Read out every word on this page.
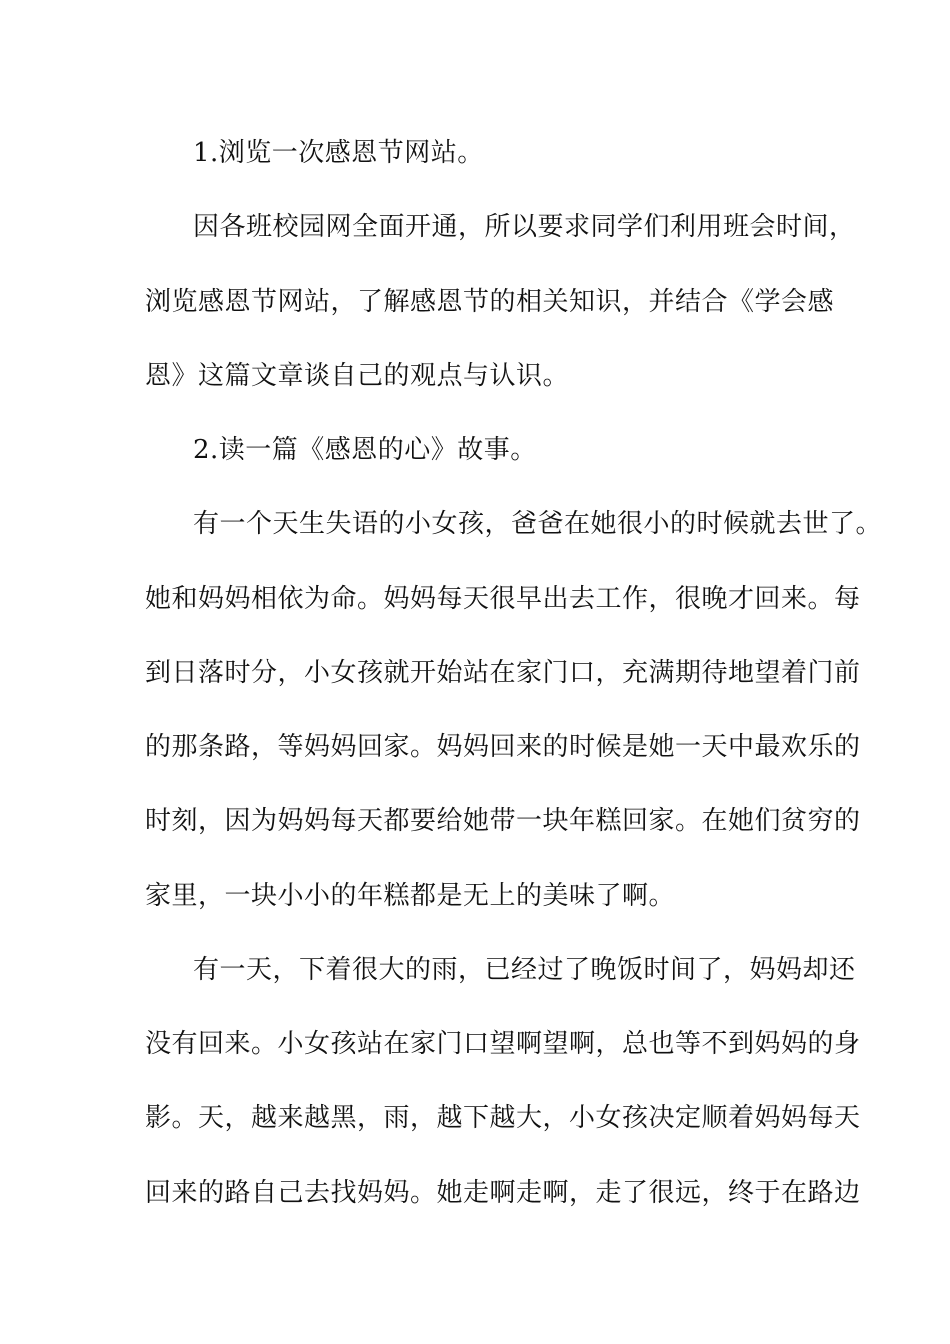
1.浏览一次感恩节网站。
因各班校园网全面开通，所以要求同学们利用班会时间，
浏览感恩节网站，了解感恩节的相关知识，并结合《学会感
恩》这篇文章谈自己的观点与认识。
2.读一篇《感恩的心》故事。
有一个天生失语的小女孩，爸爸在她很小的时候就去世了。
她和妈妈相依为命。妈妈每天很早出去工作，很晚才回来。每
到日落时分，小女孩就开始站在家门口，充满期待地望着门前
的那条路，等妈妈回家。妈妈回来的时候是她一天中最欢乐的
时刻，因为妈妈每天都要给她带一块年糕回家。在她们贫穷的
家里，一块小小的年糕都是无上的美味了啊。
有一天，下着很大的雨，已经过了晚饭时间了，妈妈却还
没有回来。小女孩站在家门口望啊望啊，总也等不到妈妈的身
影。天，越来越黑，雨，越下越大，小女孩决定顺着妈妈每天
回来的路自己去找妈妈。她走啊走啊，走了很远，终于在路边
